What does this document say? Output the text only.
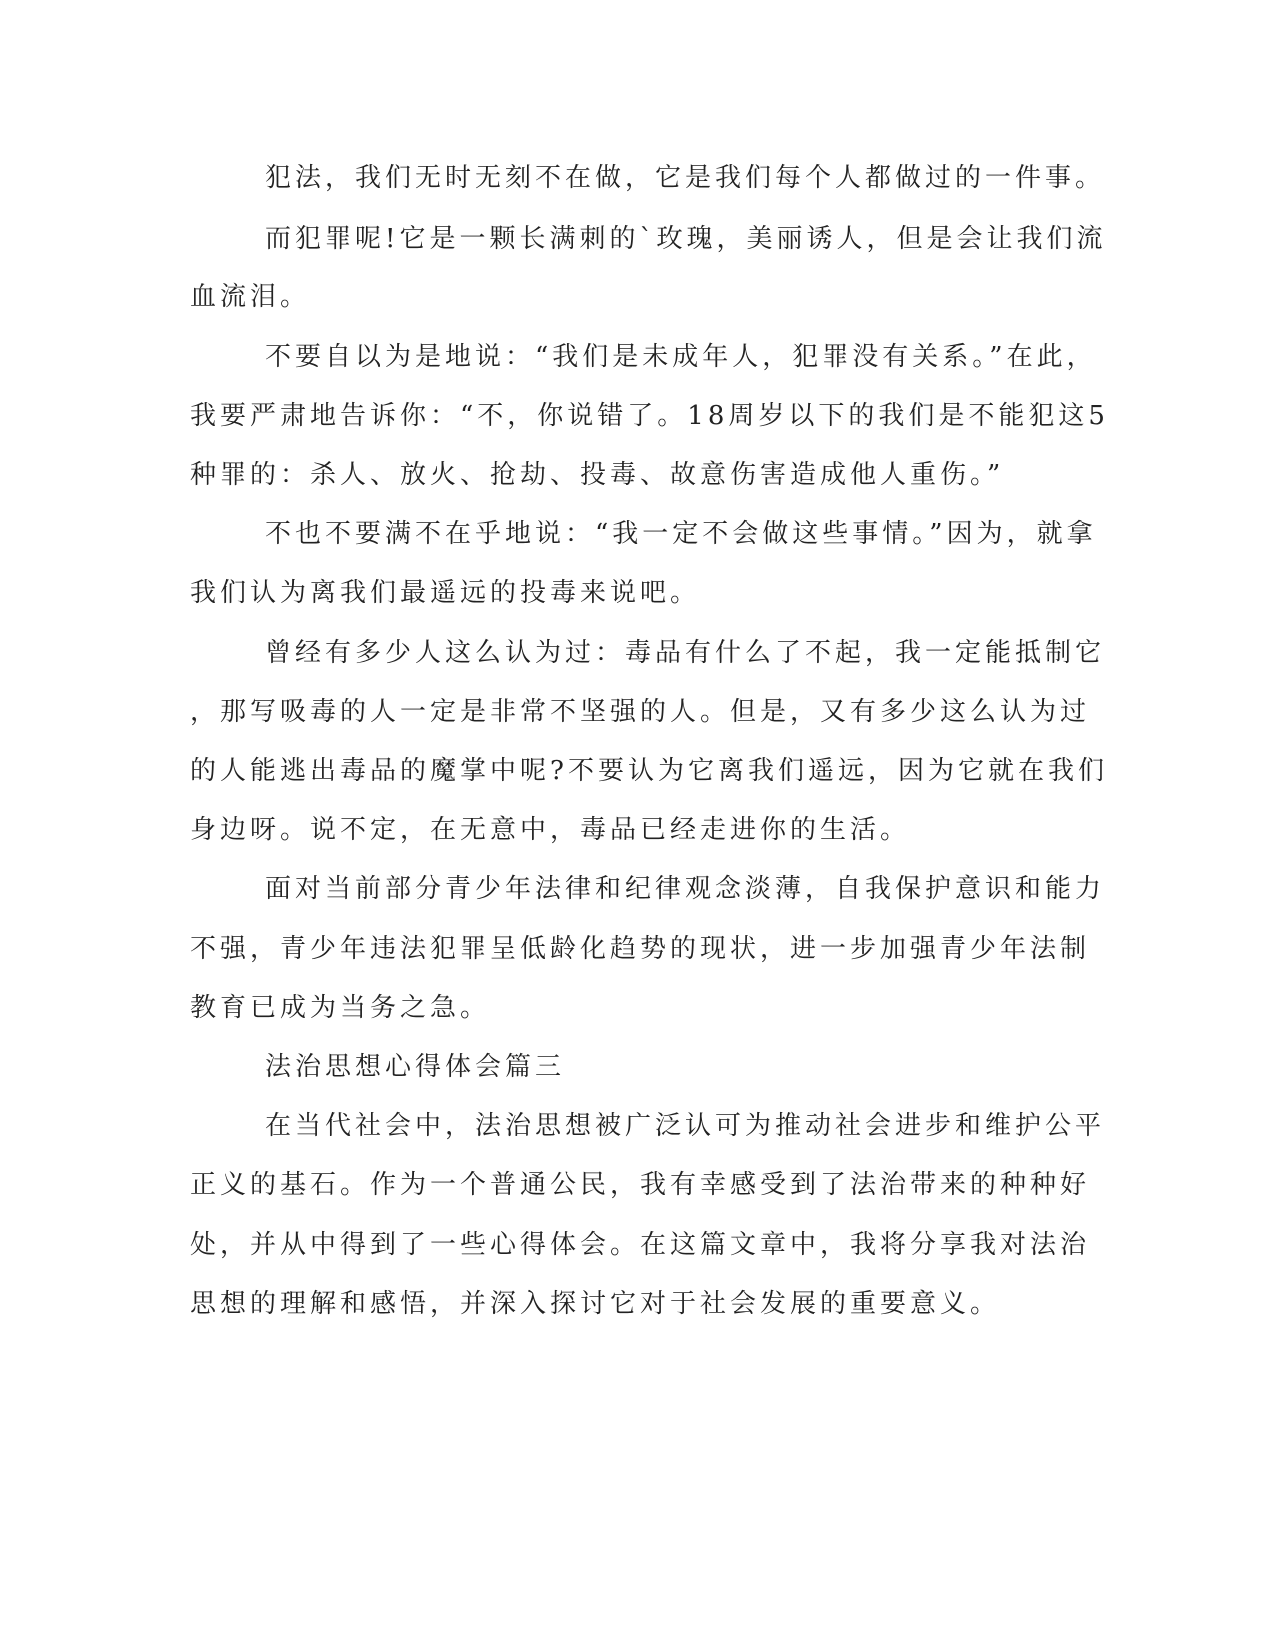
犯法，我们无时无刻不在做，它是我们每个人都做过的一件事。
而犯罪呢!它是一颗长满刺的`玫瑰，美丽诱人，但是会让我们流
血流泪。
不要自以为是地说：“我们是未成年人，犯罪没有关系。”在此，
我要严肃地告诉你：“不，你说错了。18周岁以下的我们是不能犯这5
种罪的：杀人、放火、抢劫、投毒、故意伤害造成他人重伤。”
不也不要满不在乎地说：“我一定不会做这些事情。”因为，就拿
我们认为离我们最遥远的投毒来说吧。
曾经有多少人这么认为过：毒品有什么了不起，我一定能抵制它
，那写吸毒的人一定是非常不坚强的人。但是，又有多少这么认为过
的人能逃出毒品的魔掌中呢?不要认为它离我们遥远，因为它就在我们
身边呀。说不定，在无意中，毒品已经走进你的生活。
面对当前部分青少年法律和纪律观念淡薄，自我保护意识和能力
不强，青少年违法犯罪呈低龄化趋势的现状，进一步加强青少年法制
教育已成为当务之急。
法治思想心得体会篇三
在当代社会中，法治思想被广泛认可为推动社会进步和维护公平
正义的基石。作为一个普通公民，我有幸感受到了法治带来的种种好
处，并从中得到了一些心得体会。在这篇文章中，我将分享我对法治
思想的理解和感悟，并深入探讨它对于社会发展的重要意义。
